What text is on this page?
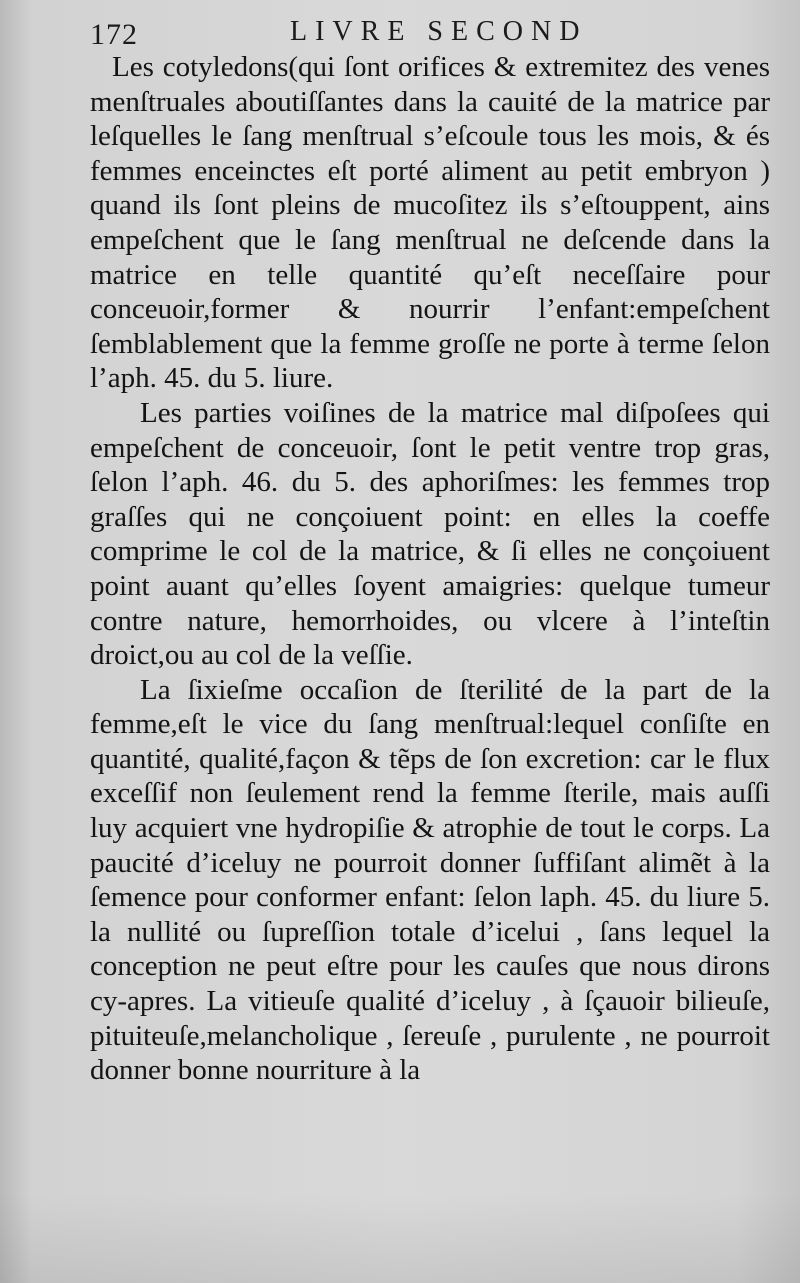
172	LIVRE SECOND

Les cotyledons(qui ſont orifices & extremitez des venes menſtruales aboutiſſantes dans la cauité de la matrice par leſquelles le ſang menſtrual s’eſcoule tous les mois, & és femmes enceinctes eſt porté aliment au petit embryon ) quand ils ſont pleins de mucoſitez ils s’eſtouppent, ains empeſchent que le ſang menſtrual ne deſcende dans la matrice en telle quantité qu’eſt neceſſaire pour conceuoir,former & nourrir l’enfant:empeſchent ſemblablement que la femme groſſe ne porte à terme ſelon l’aph. 45. du 5. liure.

Les parties voiſines de la matrice mal diſpoſees qui empeſchent de conceuoir, ſont le petit ventre trop gras, ſelon l’aph. 46. du 5. des aphoriſmes: les femmes trop graſſes qui ne conçoiuent point: en elles la coeffe comprime le col de la matrice, & ſi elles ne conçoiuent point auant qu’elles ſoyent amaigries: quelque tumeur contre nature, hemorrhoides, ou vlcere à l’inteſtin droict,ou au col de la veſſie.

La ſixieſme occaſion de ſterilité de la part de la femme,eſt le vice du ſang menſtrual:lequel conſiſte en quantité, qualité,façon & tẽps de ſon excretion: car le flux exceſſif non ſeulement rend la femme ſterile, mais auſſi luy acquiert vne hydropiſie & atrophie de tout le corps. La paucité d’iceluy ne pourroit donner ſuffiſant alimẽt à la ſemence pour conformer enfant: ſelon laph. 45. du liure 5. la nullité ou ſupreſſion totale d’icelui , ſans lequel la conception ne peut eſtre pour les cauſes que nous dirons cy-apres. La vitieuſe qualité d’iceluy , à ſçauoir bilieuſe, pituiteuſe,melancholique , ſereuſe , purulente , ne pourroit donner bonne nourriture à la
